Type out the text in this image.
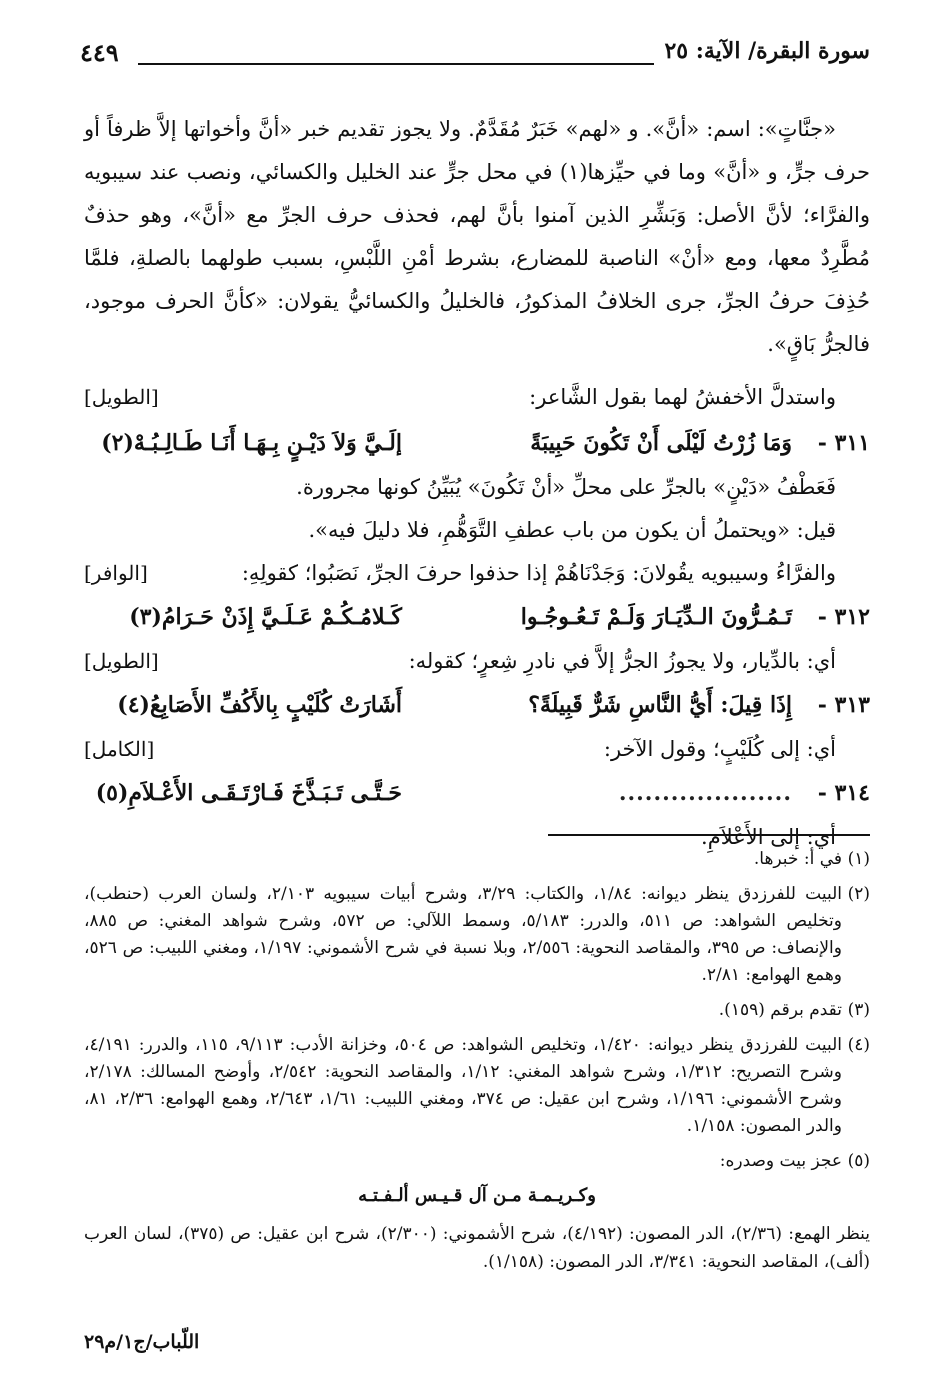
سورة البقرة/ الآية: ٢٥
٤٤٩

«جنَّاتٍ»: اسم: «أنَّ». و «لهم» خَبَرٌ مُقَدَّمٌ. ولا يجوز تقديم خبر «أنَّ وأخواتها إلاَّ ظرفاً أو حرف جرٍّ، و «أنَّ» وما في حيِّزها(١) في محل جرٍّ عند الخليل والكسائي، ونصب عند سيبويه والفرَّاء؛ لأنَّ الأصل: وَبَشِّرِ الذين آمنوا بأنَّ لهم، فحذف حرف الجرِّ مع «أنَّ»، وهو حذفٌ مُطَّرِدٌ معها، ومع «أنْ» الناصبة للمضارع، بشرط أمْنِ اللَّبْسِ، بسبب طولهما بالصلةِ، فلمَّا حُذِفَ حرفُ الجرِّ، جرى الخلافُ المذكورُ، فالخليلُ والكسائيُّ يقولان: «كأنَّ الحرف موجود، فالجرُّ بَاقٍ».

واستدلَّ الأخفشُ لهما بقول الشَّاعر:
[الطويل]

٣١١ -
وَمَا زُرْتُ لَيْلَى أَنْ تَكُونَ حَبِيبَةً
إلَـيَّ وَلاَ دَيْـنٍ بِـهَـا أَنَـا طَـالِـبُـهْ(٢)

فَعَطْفُ «دَيْنٍ» بالجرِّ على محلِّ «أنْ تَكُونَ» يُبَيِّنُ كونها مجرورة.

قيل: «ويحتملُ أن يكون من باب عطفِ التَّوَهُّمِ، فلا دليلَ فيه».

والفرَّاءُ وسيبويه يقُولانَ: وَجَدْنَاهُمْ إذا حذفوا حرفَ الجرِّ، نَصَبُوا؛ كقولِهِ:
[الوافر]

٣١٢ -
تَـمُـرُّونَ الـدِّيَـارَ وَلَـمْ تَـعُـوجُـوا
كَـلامُـكُـمْ عَـلَـيَّ إِذَنْ حَـرَامُ(٣)

أي: بالدِّيار، ولا يجوزُ الجرُّ إلاَّ في نادرِ شِعرٍ؛ كقوله:
[الطويل]

٣١٣ -
إِذَا قِيلَ: أَيُّ النَّاسِ شَرٌّ قَبِيلَةً؟
أَشَارَتْ كُلَيْبٍ بِالأَكُفِّ الأَصَابِعُ(٤)

أي: إلى كُلَيْبٍ؛ وقول الآخر:
[الكامل]

٣١٤ -
....................
حَـتَّـى تَـبَـذَّخَ فَـارْتَـقَـى الأَعْـلاَمِ(٥)

أي: إلى الأَعْلاَمِ.

(١)
في أ: خبرها.

(٢)
البيت للفرزدق ينظر ديوانه: ١/٨٤، والكتاب: ٣/٢٩، وشرح أبيات سيبويه ٢/١٠٣، ولسان العرب (حنطب)، وتخليص الشواهد: ص ٥١١، والدرر: ٥/١٨٣، وسمط اللآلي: ص ٥٧٢، وشرح شواهد المغني: ص ٨٨٥، والإنصاف: ص ٣٩٥، والمقاصد النحوية: ٢/٥٥٦، وبلا نسبة في شرح الأشموني: ١/١٩٧، ومغني اللبيب: ص ٥٢٦، وهمع الهوامع: ٢/٨١.

(٣)
تقدم برقم (١٥٩).

(٤)
البيت للفرزدق ينظر ديوانه: ١/٤٢٠، وتخليص الشواهد: ص ٥٠٤، وخزانة الأدب: ٩/١١٣، ١١٥، والدرر: ٤/١٩١، وشرح التصريح: ١/٣١٢، وشرح شواهد المغني: ١/١٢، والمقاصد النحوية: ٢/٥٤٢، وأوضح المسالك: ٢/١٧٨، وشرح الأشموني: ١/١٩٦، وشرح ابن عقيل: ص ٣٧٤، ومغني اللبيب: ١/٦١، ٢/٦٤٣، وهمع الهوامع: ٢/٣٦، ٨١، والدر المصون: ١/١٥٨.

(٥)
عجز بيت وصدره:

وكـريـمـة مـن آل قـيـس ألـفـتـه
ينظر الهمع: (٢/٣٦)، الدر المصون: (٤/١٩٢)، شرح الأشموني: (٢/٣٠٠)، شرح ابن عقيل: ص (٣٧٥)، لسان العرب (ألف)، المقاصد النحوية: ٣/٣٤١، الدر المصون: (١/١٥٨).
اللّباب/ج١/م٢٩
